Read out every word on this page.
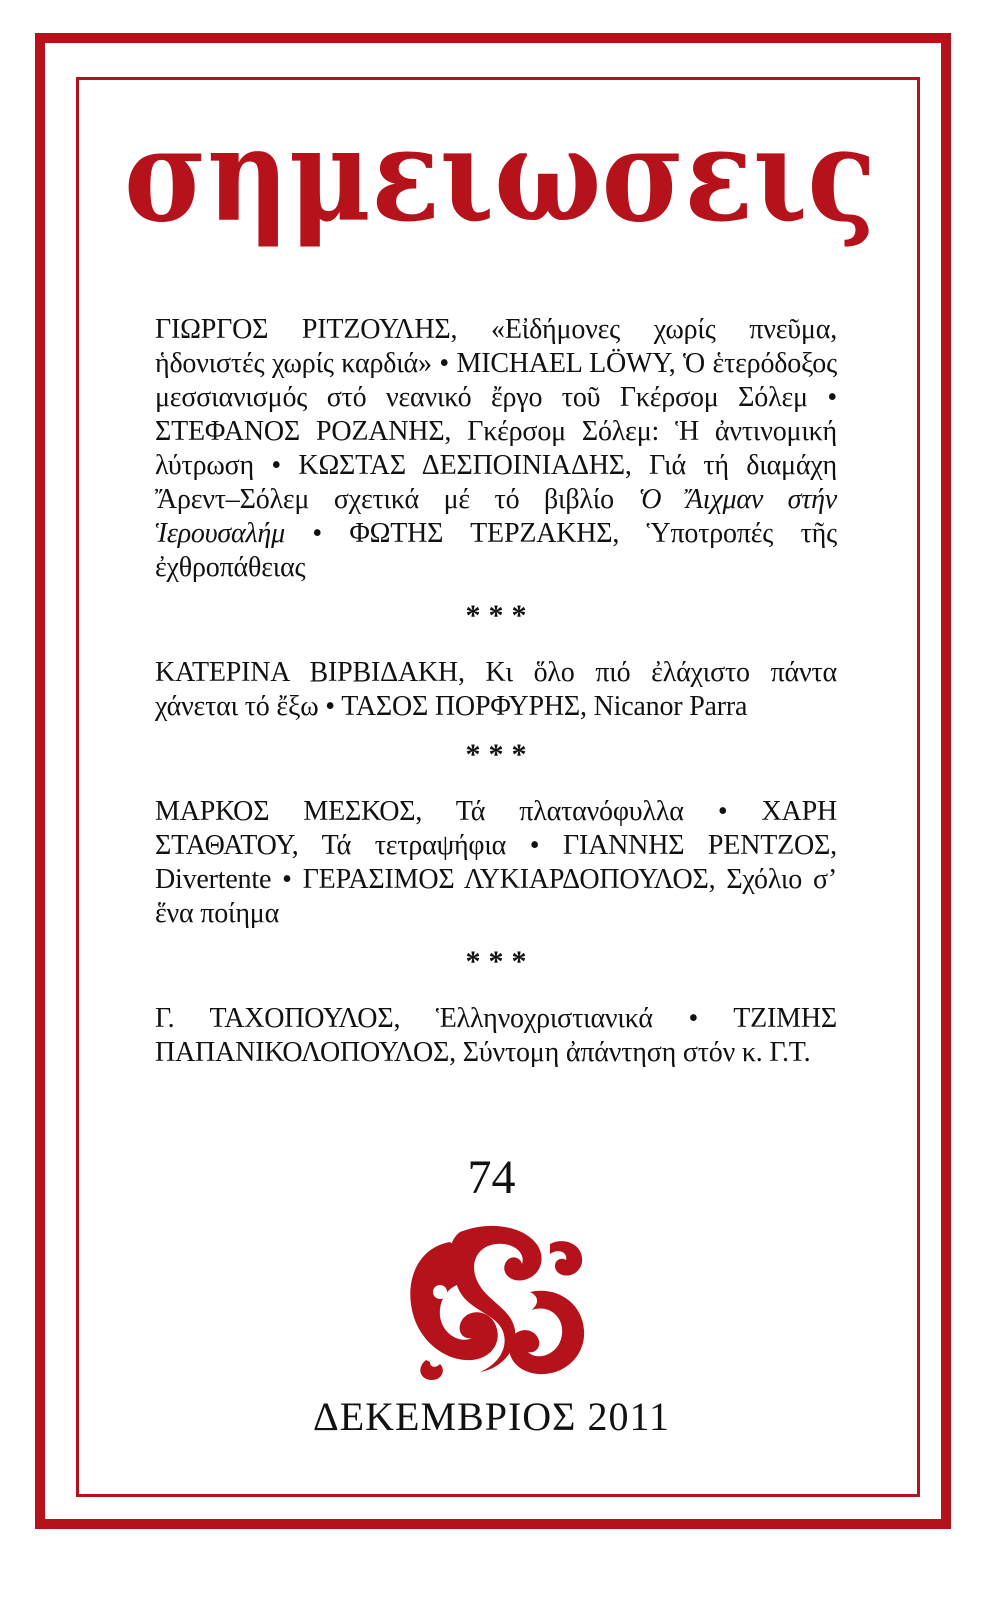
σημειωσεις
ΓΙΩΡΓΟΣ ΡΙΤΖΟΥΛΗΣ, «Εἰδήμονες χωρίς πνεῦμα, ἡδονιστές χωρίς καρδιά» • MICHAEL LÖWY, Ὁ ἑτερόδοξος μεσσιανισμός στό νεανικό ἔργο τοῦ Γκέρσομ Σόλεμ • ΣΤΕΦΑΝΟΣ ΡΟΖΑΝΗΣ, Γκέρσομ Σόλεμ: Ἡ ἀντινομική λύτρωση • ΚΩΣΤΑΣ ΔΕΣΠΟΙΝΙΑΔΗΣ, Γιά τή διαμάχη Ἄρεντ–Σόλεμ σχετικά μέ τό βιβλίο Ὁ Ἄιχμαν στήν Ἱερουσαλήμ • ΦΩΤΗΣ ΤΕΡΖΑΚΗΣ, Ὑποτροπές τῆς ἐχθροπάθειας
***
ΚΑΤΕΡΙΝΑ ΒΙΡΒΙΔΑΚΗ, Κι ὅλο πιό ἐλάχιστο πάντα χάνεται τό ἔξω • ΤΑΣΟΣ ΠΟΡΦΥΡΗΣ, Nicanor Parra
***
ΜΑΡΚΟΣ ΜΕΣΚΟΣ, Τά πλατανόφυλλα • ΧΑΡΗ ΣΤΑΘΑΤΟΥ, Τά τετραψήφια • ΓΙΑΝΝΗΣ ΡΕΝΤΖΟΣ, Divertente • ΓΕΡΑΣΙΜΟΣ ΛΥΚΙΑΡΔΟΠΟΥΛΟΣ, Σχόλιο σ’ ἕνα ποίημα
***
Γ. ΤΑΧΟΠΟΥΛΟΣ, Ἑλληνοχριστιανικά • ΤΖΙΜΗΣ ΠΑΠΑΝΙΚΟΛΟΠΟΥΛΟΣ, Σύντομη ἀπάντηση στόν κ. Γ.Τ.
74
ΔΕΚΕΜΒΡΙΟΣ 2011
